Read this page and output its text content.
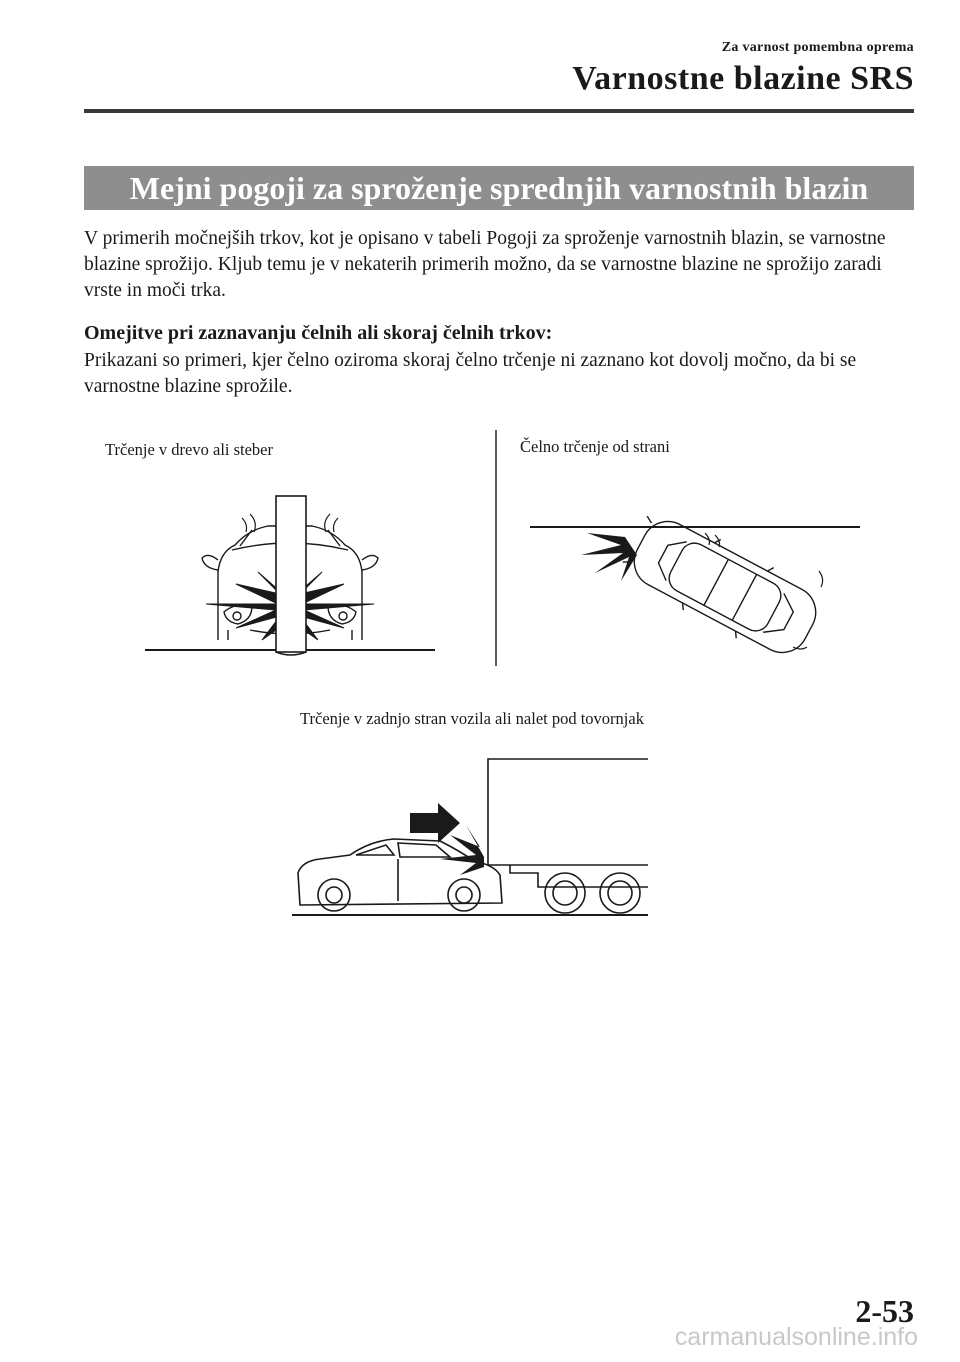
Za varnost pomembna oprema
Varnostne blazine SRS
Mejni pogoji za sproženje sprednjih varnostnih blazin
V primerih močnejših trkov, kot je opisano v tabeli Pogoji za sproženje varnostnih blazin, se varnostne blazine sprožijo. Kljub temu je v nekaterih primerih možno, da se varnostne blazine ne sprožijo zaradi vrste in moči trka.
Omejitve pri zaznavanju čelnih ali skoraj čelnih trkov:
Prikazani so primeri, kjer čelno oziroma skoraj čelno trčenje ni zaznano kot dovolj močno, da bi se varnostne blazine sprožile.
Trčenje v drevo ali steber	Čelno trčenje od strani
Trčenje v zadnjo stran vozila ali nalet pod tovornjak
2-53
carmanualsonline.info
